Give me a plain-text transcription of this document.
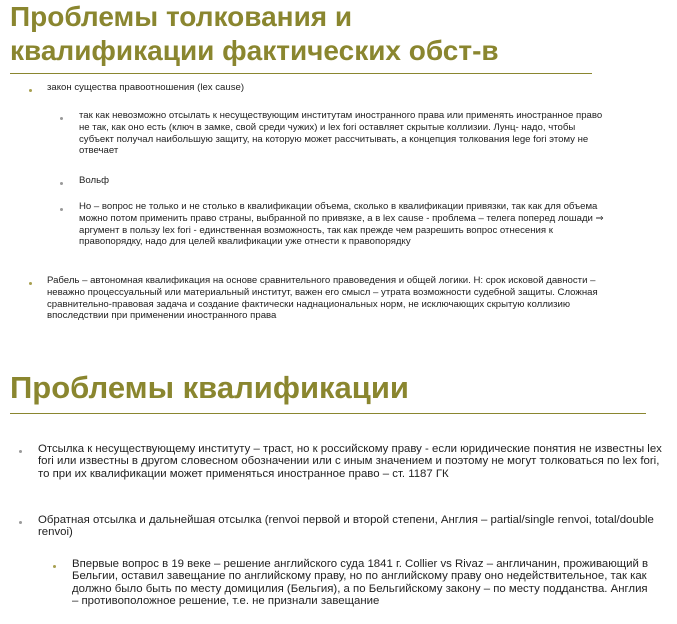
Проблемы толкования и
квалификации фактических обст-в

закон существа правоотношения (lex cause)

так как невозможно отсылать к несуществующим институтам иностранного права или применять иностранное право не так, как оно есть (ключ в замке, свой среди чужих) и lex fori оставляет скрытые коллизии. Лунц- надо, чтобы субъект получал наибольшую защиту, на которую может рассчитывать, а концепция толкования lege fori этому не отвечает

Вольф

Но – вопрос не только и не столько в квалификации объема, сколько в квалификации привязки, так как для объема можно потом применить право страны, выбранной по привязке, а в lex cause - проблема – телега поперед лошади ⇒ аргумент в пользу lex fori - единственная возможность, так как прежде чем разрешить вопрос отнесения к правопорядку, надо для целей квалификации уже отнести к правопорядку

Рабель – автономная квалификация на основе сравнительного правоведения и общей логики. Н: срок исковой давности – неважно процессуальный или материальный институт, важен его смысл – утрата возможности судебной защиты. Сложная сравнительно-правовая задача и создание фактически наднациональных норм, не исключающих скрытую коллизию впоследствии при применении иностранного права

Проблемы квалификации

Отсылка к несуществующему институту – траст, но к российскому праву - если юридические понятия не известны lex fori или известны в другом словесном обозначении или с иным значением и поэтому не могут толковаться по lex fori, то при их квалификации может применяться иностранное право – ст. 1187 ГК

Обратная отсылка и дальнейшая отсылка (renvoi первой и второй степени, Англия – partial/single renvoi, total/double renvoi)

Впервые вопрос в 19 веке – решение английского суда 1841 г. Collier vs Rivaz – англичанин, проживающий в Бельгии, оставил завещание по английскому праву, но по английскому праву оно недействительное, так как должно было быть по месту домицилия (Бельгия), а по Бельгийскому закону – по месту подданства. Англия – противоположное решение, т.е. не признали завещание
